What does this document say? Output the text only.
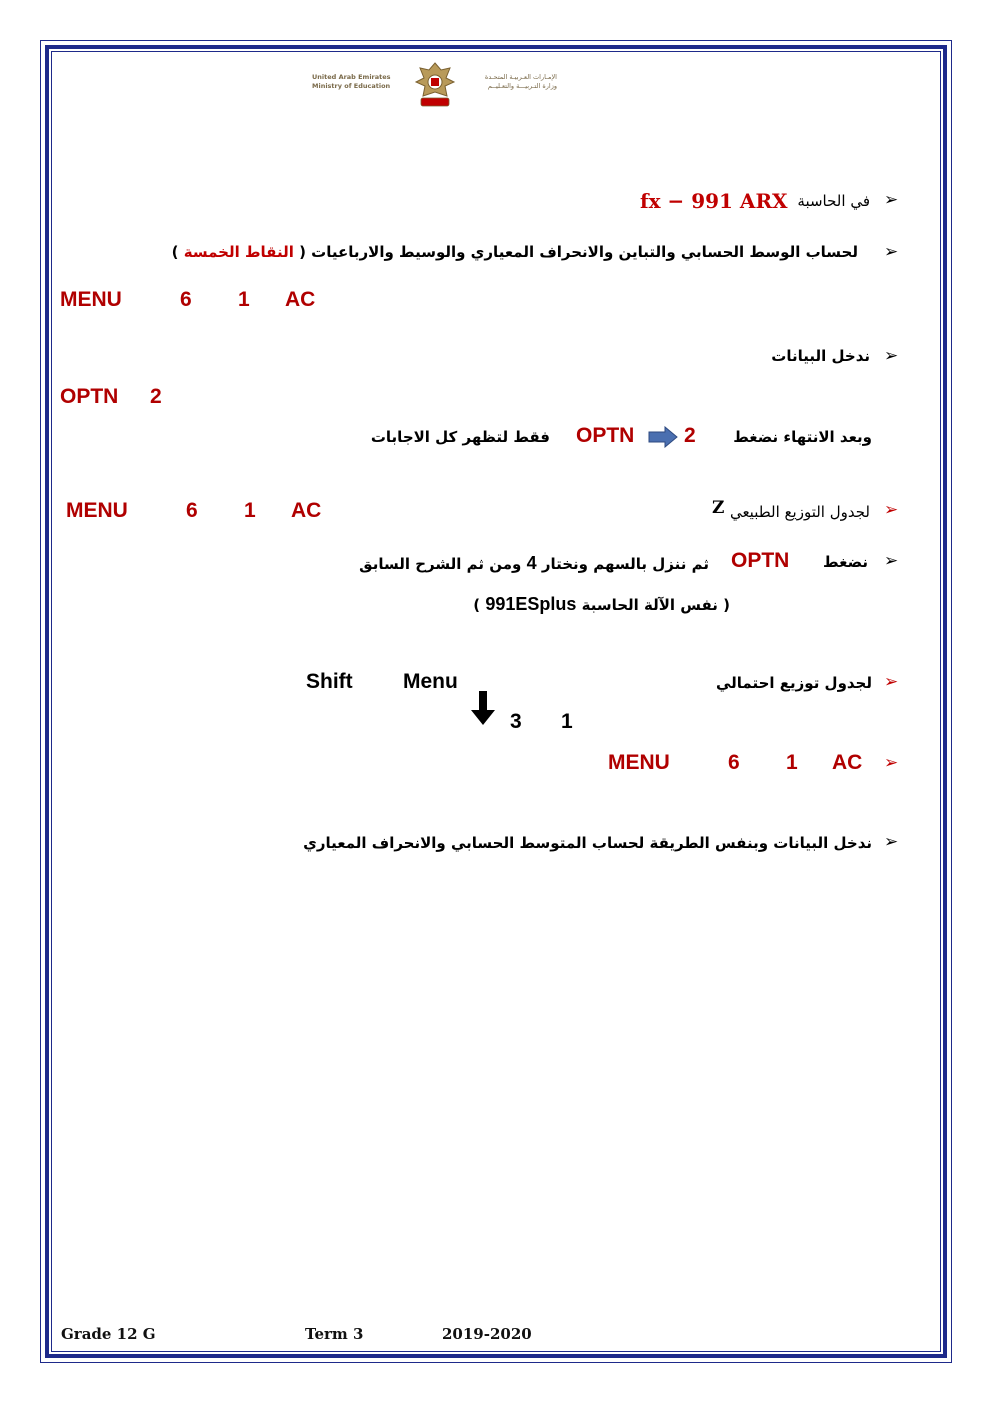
United Arab Emirates
Ministry of Education
الإمـارات العـربيـة المتحـدة
وزارة التـربيـــة والتعـليــم
➢
في الحاسبة
fx − 991 ARX
➢
لحساب الوسط الحسابي والتباين والانحراف المعياري والوسيط والارباعيات ( النقاط الخمسة )
MENU	6 1 AC
➢
ندخل البيانات
OPTN 2
وبعد الانتهاء نضغط
OPTN 2
فقط لتظهر كل الاجابات
➢
لجدول التوزيع الطبيعي
Z
MENU	6 1 AC
➢
نضغط
OPTN
ثم ننزل بالسهم ونختار 4 ومن ثم الشرح السابق
( نفس الآلة الحاسبة 991ESplus )
➢
لجدول توزيع احتمالي
Shift Menu
3 1
➢
MENU	6 1 AC
➢
ندخل البيانات وبنفس الطريقة لحساب المتوسط الحسابي والانحراف المعياري
Grade 12 G	Term 3	2019-2020
